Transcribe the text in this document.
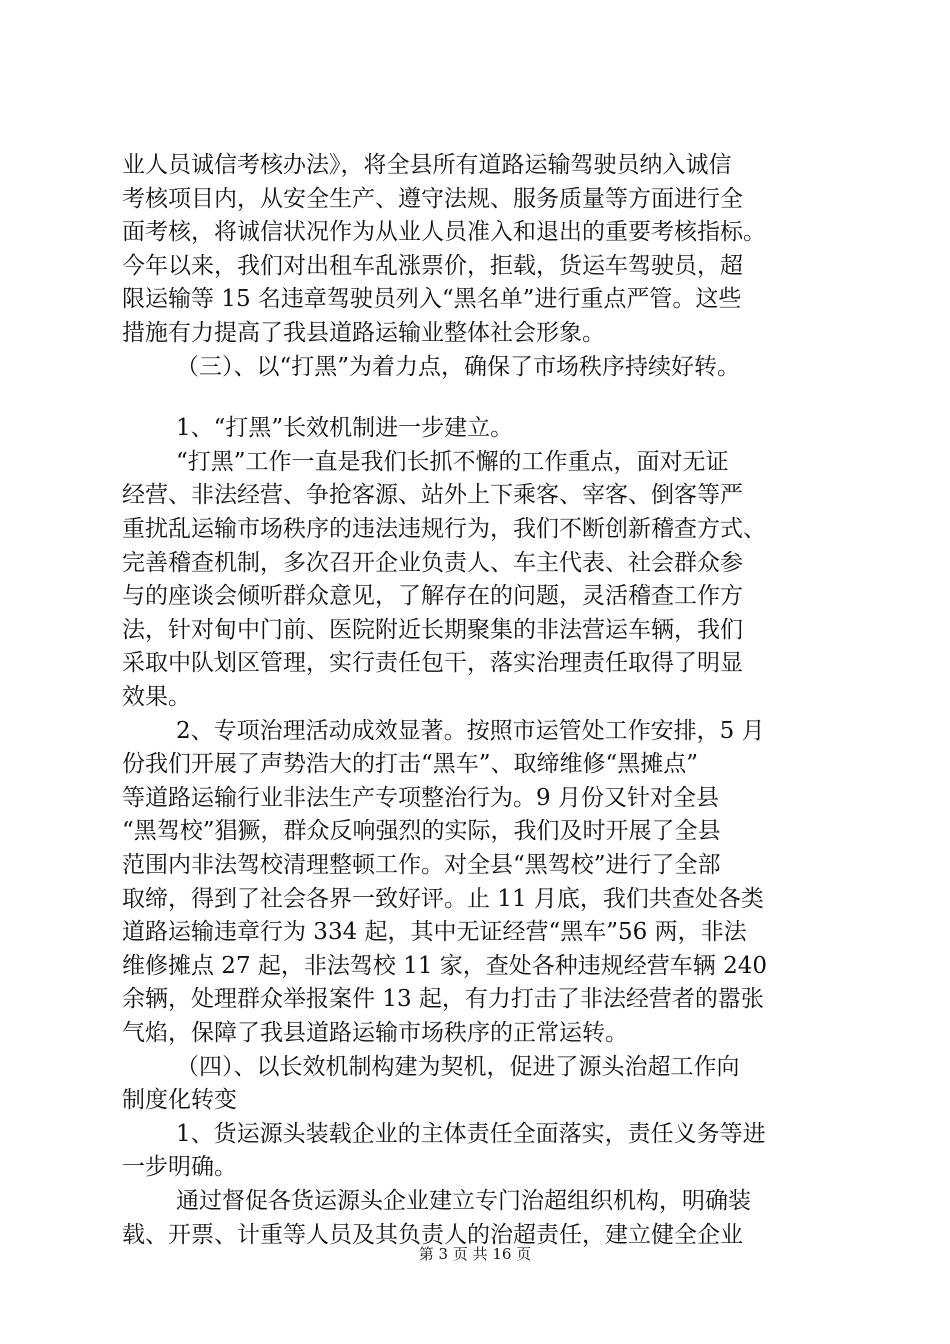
业人员诚信考核办法》，将全县所有道路运输驾驶员纳入诚信
考核项目内，从安全生产、遵守法规、服务质量等方面进行全
面考核，将诚信状况作为从业人员准入和退出的重要考核指标。
今年以来，我们对出租车乱涨票价，拒载，货运车驾驶员，超
限运输等 15 名违章驾驶员列入“黑名单”进行重点严管。这些
措施有力提高了我县道路运输业整体社会形象。
（三）、以“打黑”为着力点，确保了市场秩序持续好转。
1、“打黑”长效机制进一步建立。
“打黑”工作一直是我们长抓不懈的工作重点，面对无证
经营、非法经营、争抢客源、站外上下乘客、宰客、倒客等严
重扰乱运输市场秩序的违法违规行为，我们不断创新稽查方式、
完善稽查机制，多次召开企业负责人、车主代表、社会群众参
与的座谈会倾听群众意见，了解存在的问题，灵活稽查工作方
法，针对甸中门前、医院附近长期聚集的非法营运车辆，我们
采取中队划区管理，实行责任包干，落实治理责任取得了明显
效果。
2、专项治理活动成效显著。按照市运管处工作安排，5 月
份我们开展了声势浩大的打击“黑车”、取缔维修“黑摊点”
等道路运输行业非法生产专项整治行为。9 月份又针对全县
“黑驾校”猖獗，群众反响强烈的实际，我们及时开展了全县
范围内非法驾校清理整顿工作。对全县“黑驾校”进行了全部
取缔，得到了社会各界一致好评。止 11 月底，我们共查处各类
道路运输违章行为 334 起，其中无证经营“黑车”56 两，非法
维修摊点 27 起，非法驾校 11 家，查处各种违规经营车辆 240
余辆，处理群众举报案件 13 起，有力打击了非法经营者的嚣张
气焰，保障了我县道路运输市场秩序的正常运转。
（四）、以长效机制构建为契机，促进了源头治超工作向
制度化转变
1、货运源头装载企业的主体责任全面落实，责任义务等进
一步明确。
通过督促各货运源头企业建立专门治超组织机构，明确装
载、开票、计重等人员及其负责人的治超责任，建立健全企业
第 3 页 共 16 页
